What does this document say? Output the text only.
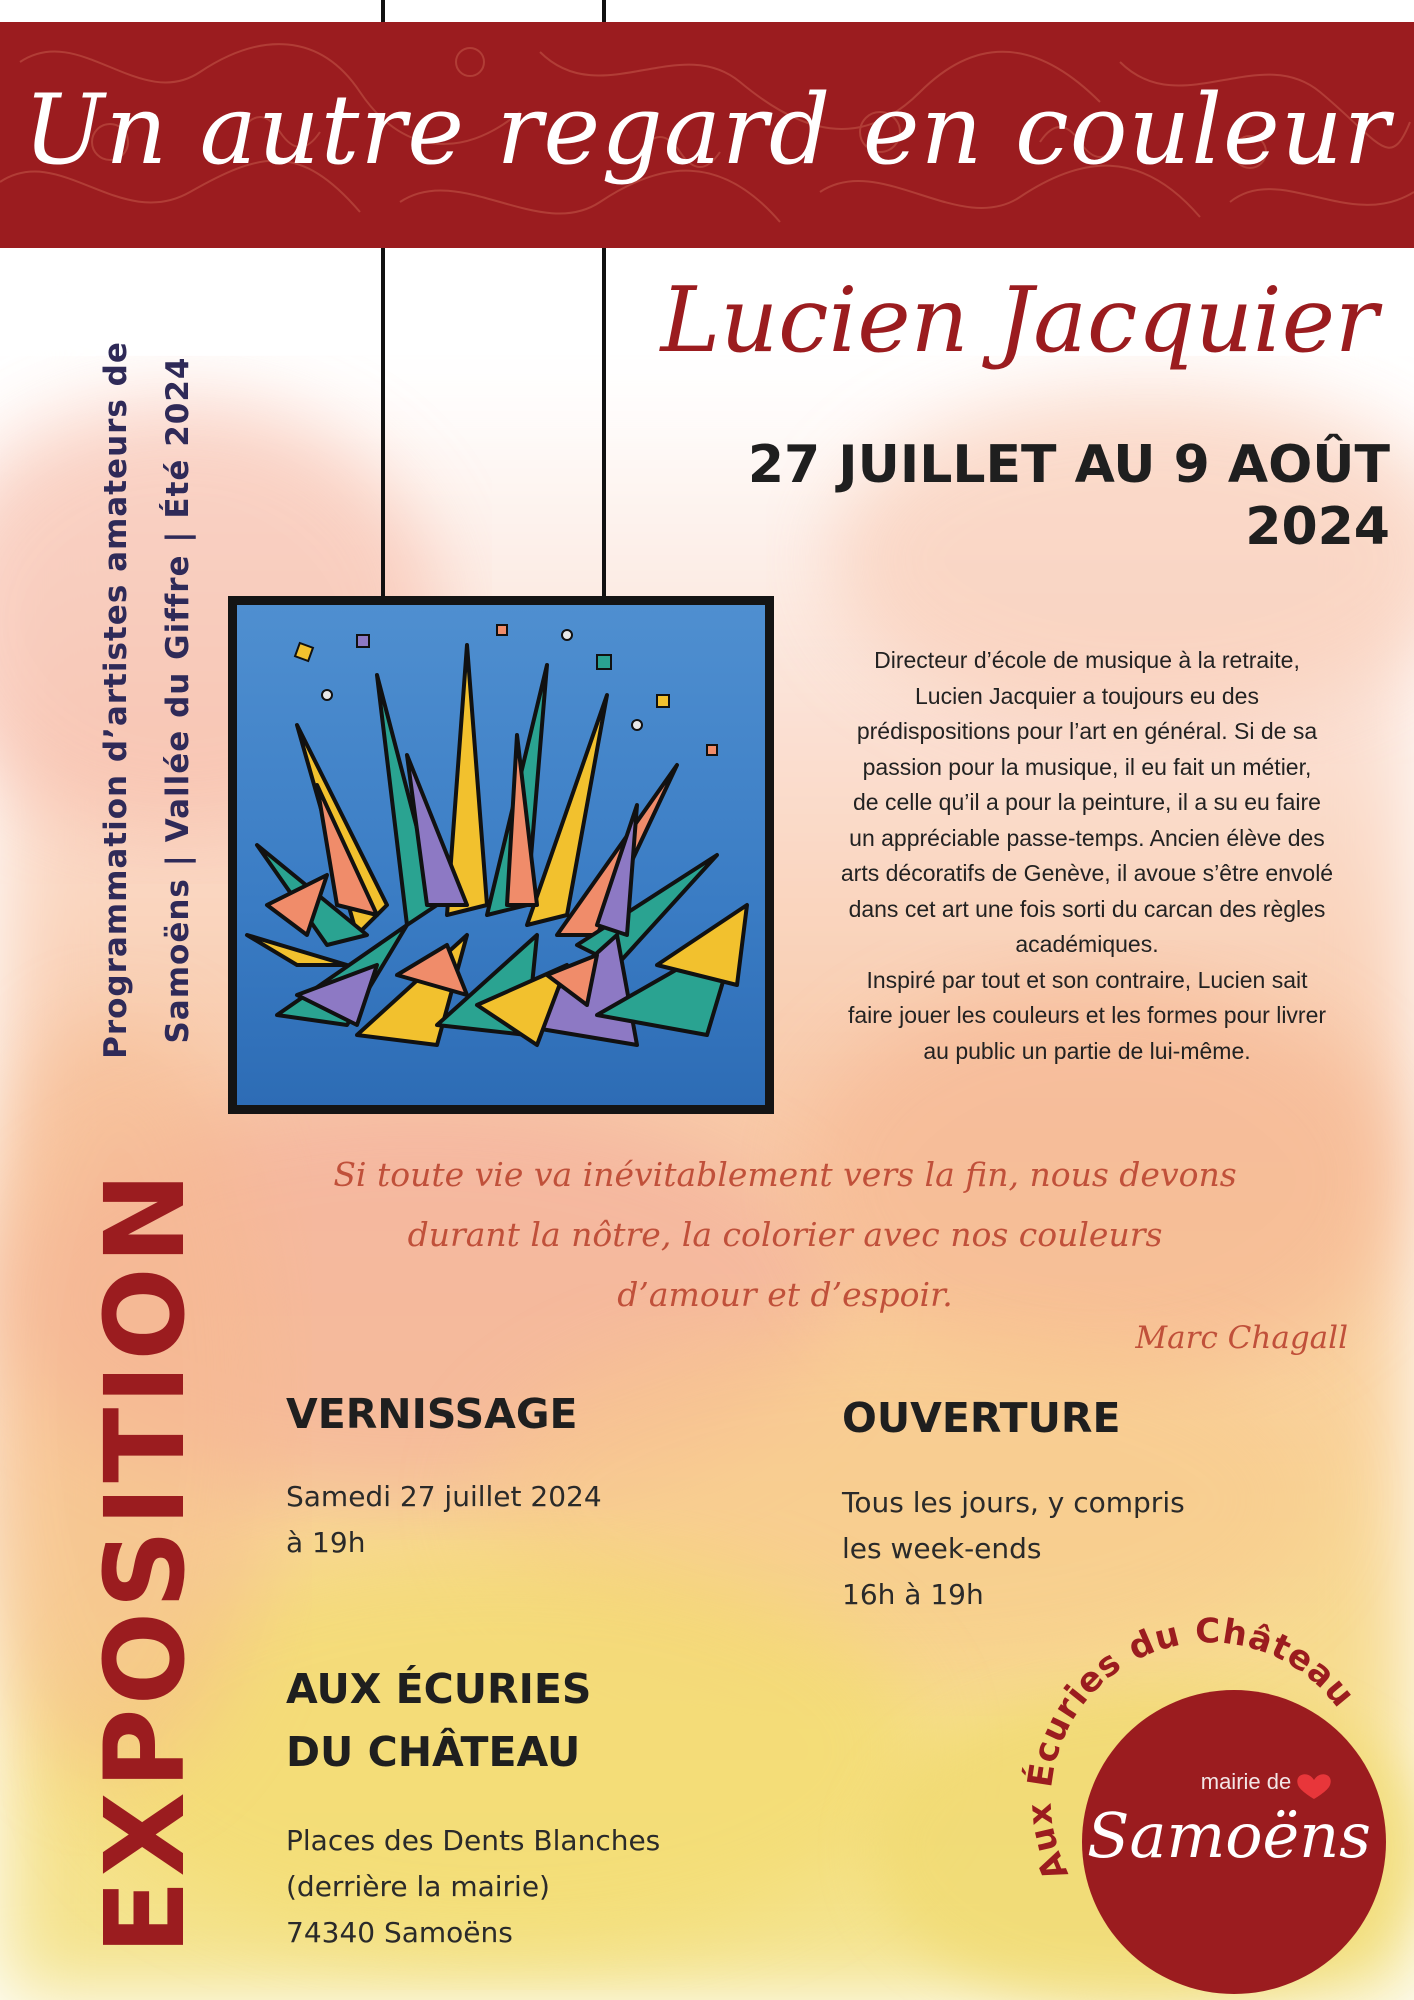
Un autre regard en couleur
Lucien Jacquier
27 JUILLET AU 9 AOÛT
2024

Directeur d’école de musique à la retraite,

Lucien Jacquier a toujours eu des

prédispositions pour l’art en général. Si de sa

passion pour la musique, il eu fait un métier,

de celle qu’il a pour la peinture, il a su eu faire

un appréciable passe-temps. Ancien élève des

arts décoratifs de Genève, il avoue s’être envolé

dans cet art une fois sorti du carcan des règles

académiques.

Inspiré par tout et son contraire, Lucien sait

faire jouer les couleurs et les formes pour livrer

au public un partie de lui-même.

Programmation d’artistes amateurs de Samoëns | Vallée du Giffre | Été 2024
EXPOSITION	Si toute vie va inévitablement vers la fin, nous devons
durant la nôtre, la colorier avec nos couleurs
d’amour et d’espoir.
Marc Chagall
VERNISSAGE
Samedi 27 juillet 2024
à 19h
OUVERTURE
Tous les jours, y compris
les week-ends
16h à 19h
AUX ÉCURIES
DU CHÂTEAU
Places des Dents Blanches
(derrière la mairie)
74340 Samoëns
Aux Écuries du Château
mairie de
Samoëns
